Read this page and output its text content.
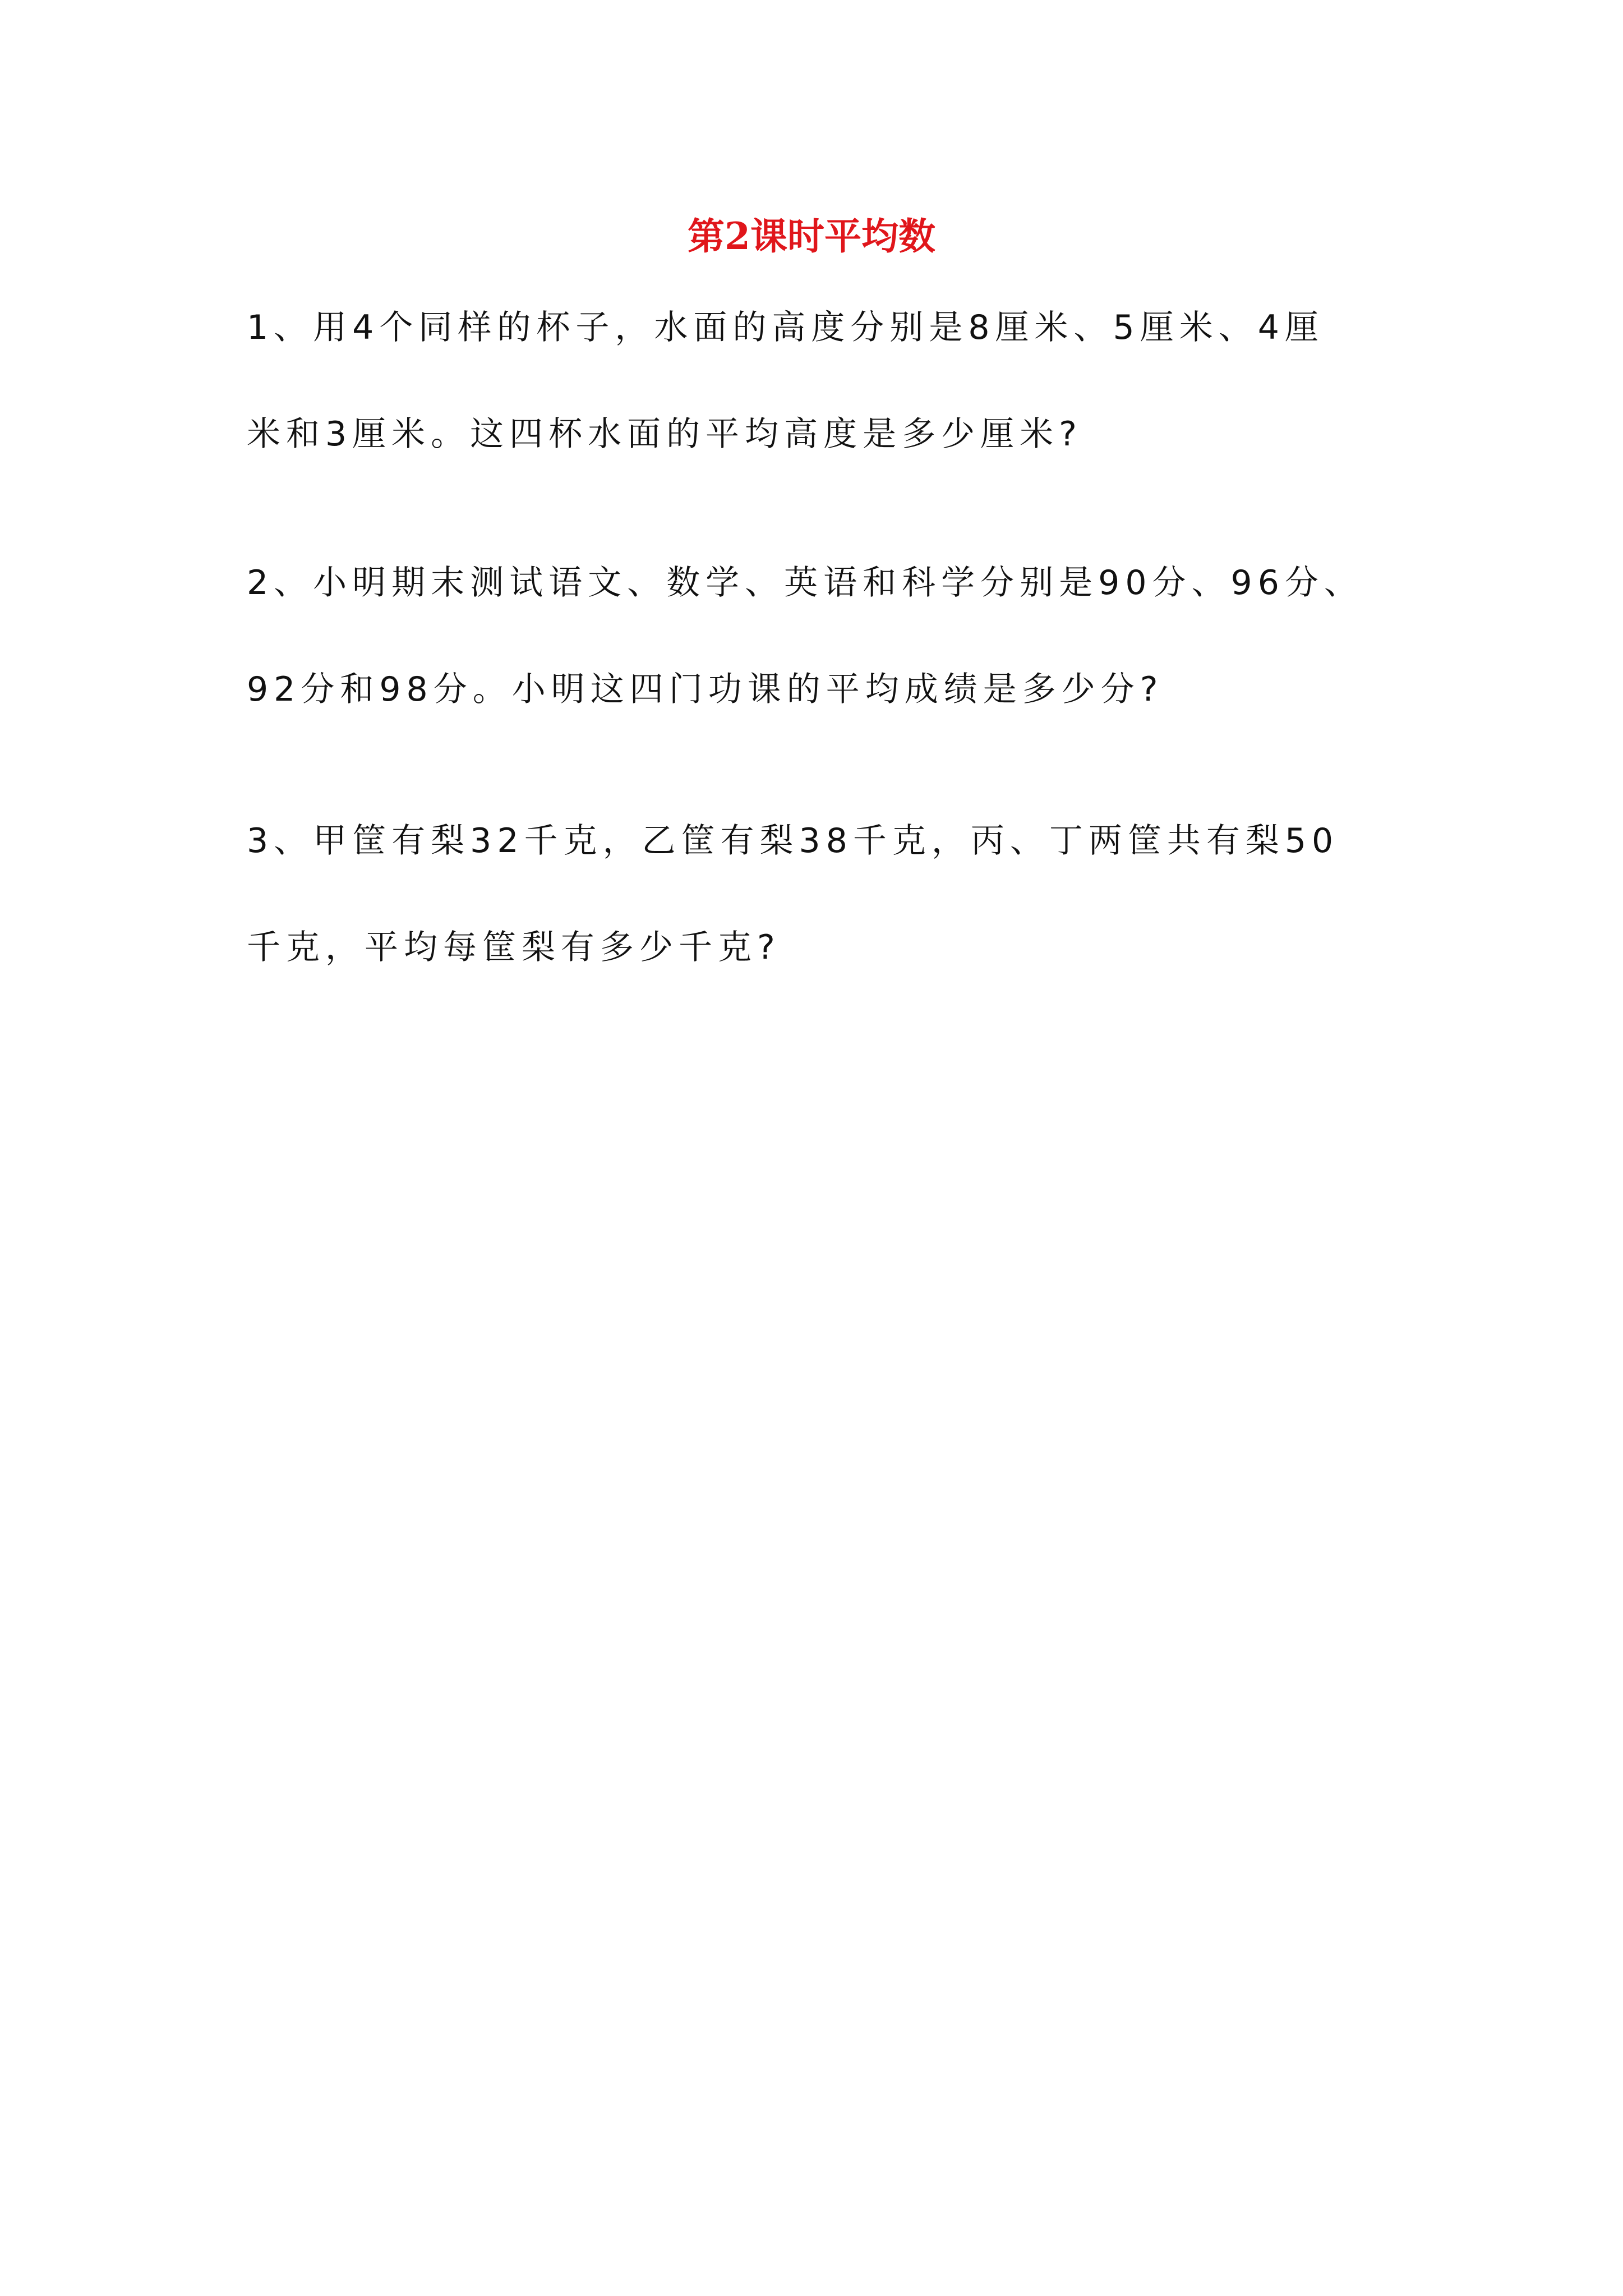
第2课时平均数
1、用4个同样的杯子，水面的高度分别是8厘米、5厘米、4厘
米和3厘米。这四杯水面的平均高度是多少厘米?
2、小明期末测试语文、数学、英语和科学分别是90分、96分、
92分和98分。小明这四门功课的平均成绩是多少分?
3、甲筐有梨32千克，乙筐有梨38千克，丙、丁两筐共有梨50
千克，平均每筐梨有多少千克?
